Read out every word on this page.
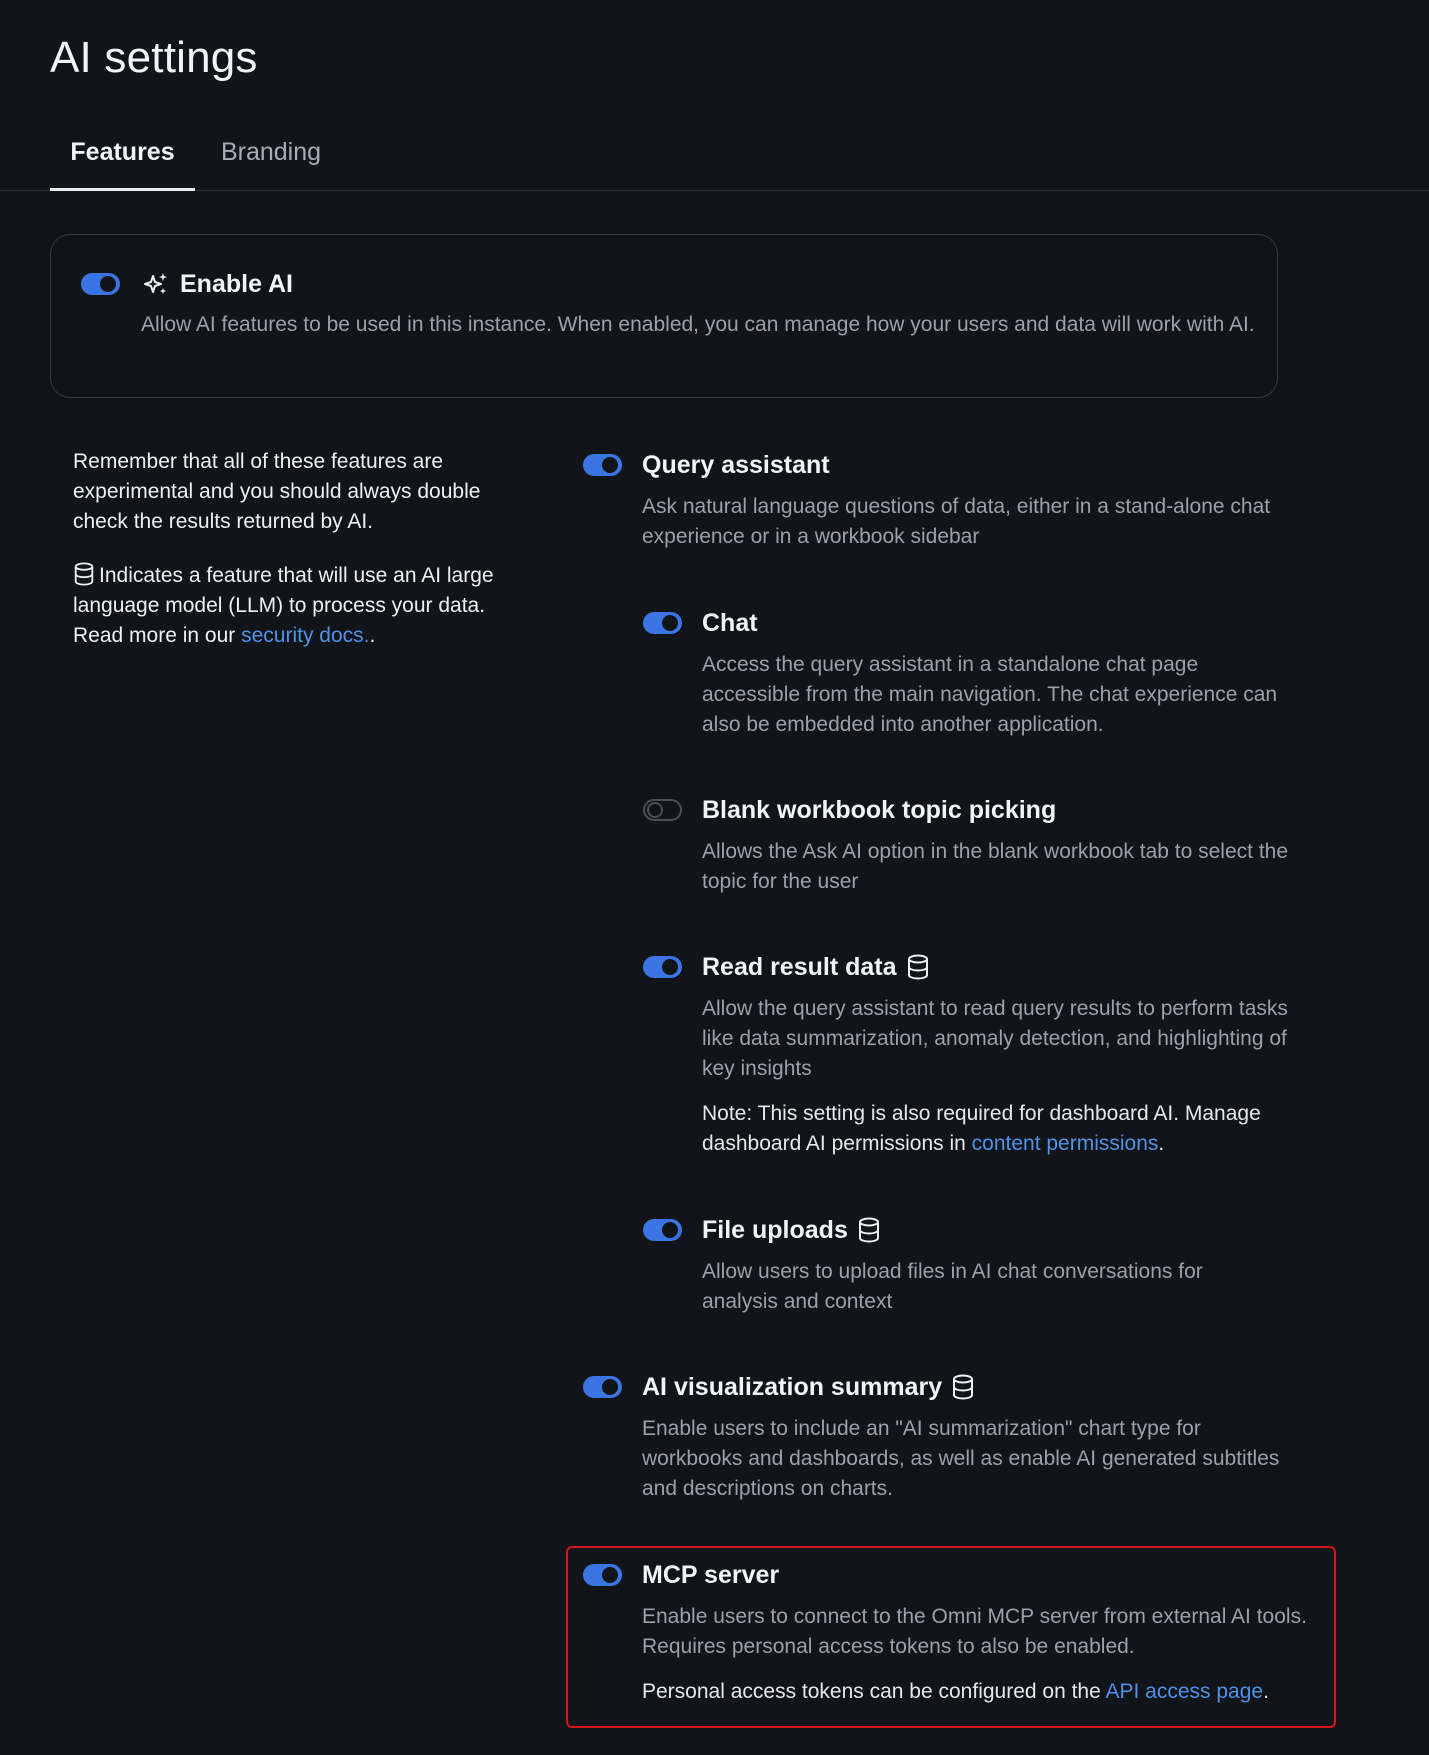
AI settings
Features	Branding
Enable AI
Allow AI features to be used in this instance. When enabled, you can manage how your users and data will work with AI.
Remember that all of these features are experimental and you should always double check the results returned by AI.
Indicates a feature that will use an AI large language model (LLM) to process your data. Read more in our security docs..
Query assistant
Ask natural language questions of data, either in a stand-alone chat experience or in a workbook sidebar
Chat
Access the query assistant in a standalone chat page accessible from the main navigation. The chat experience can also be embedded into another application.
Blank workbook topic picking
Allows the Ask AI option in the blank workbook tab to select the topic for the user
Read result data
Allow the query assistant to read query results to perform tasks like data summarization, anomaly detection, and highlighting of key insights
Note: This setting is also required for dashboard AI. Manage dashboard AI permissions in content permissions.
File uploads
Allow users to upload files in AI chat conversations for analysis and context
AI visualization summary
Enable users to include an "AI summarization" chart type for workbooks and dashboards, as well as enable AI generated subtitles and descriptions on charts.
MCP server
Enable users to connect to the Omni MCP server from external AI tools. Requires personal access tokens to also be enabled.
Personal access tokens can be configured on the API access page.
